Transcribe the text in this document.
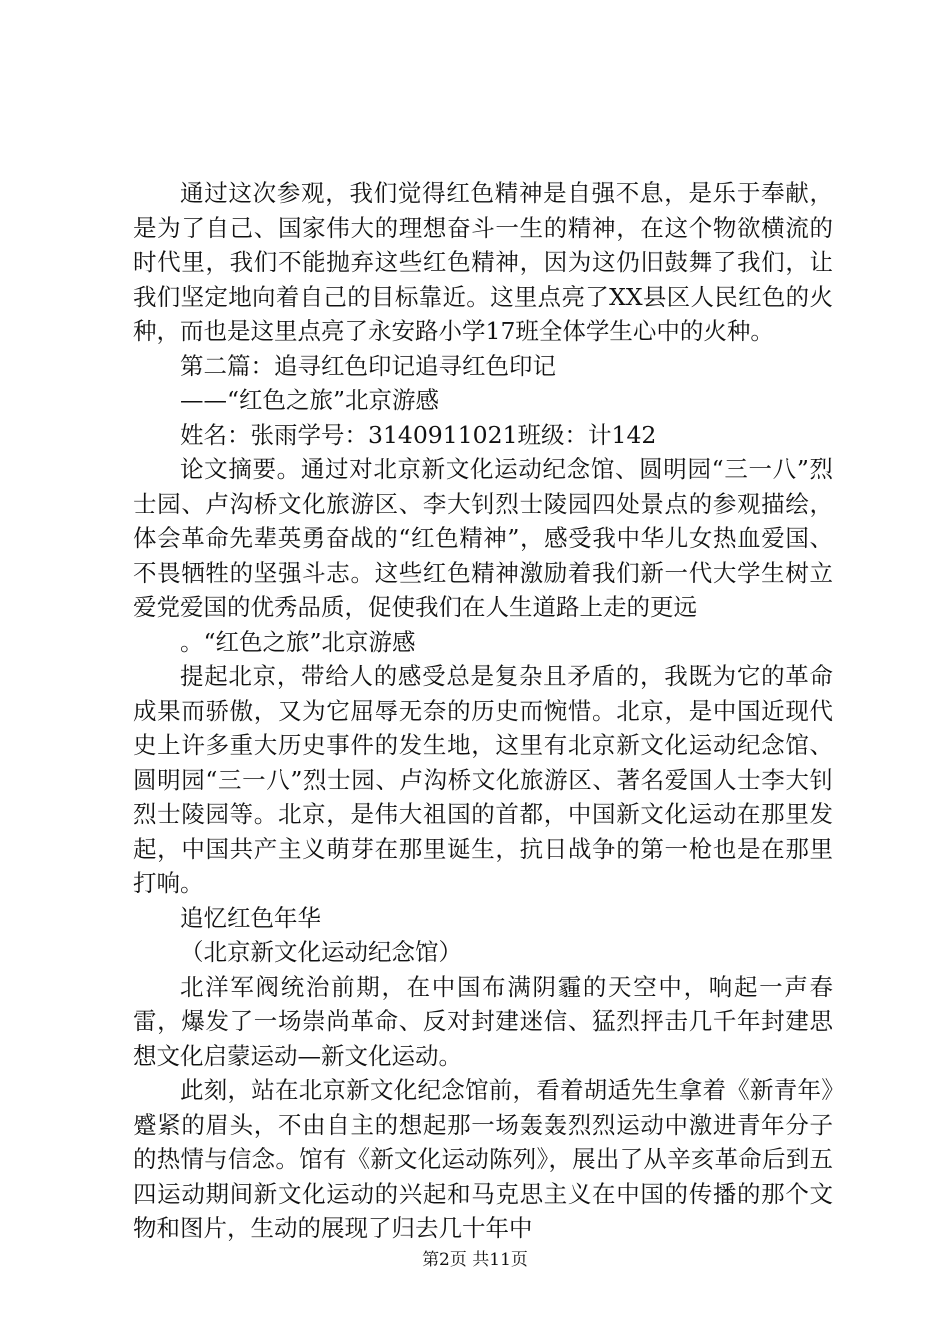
通过这次参观，我们觉得红色精神是自强不息，是乐于奉献，是为了自己、国家伟大的理想奋斗一生的精神，在这个物欲横流的时代里，我们不能抛弃这些红色精神，因为这仍旧鼓舞了我们，让我们坚定地向着自己的目标靠近。这里点亮了XX县区人民红色的火种，而也是这里点亮了永安路小学17班全体学生心中的火种。

第二篇：追寻红色印记追寻红色印记

——“红色之旅”北京游感

姓名：张雨学号：3140911021班级：计142

论文摘要。通过对北京新文化运动纪念馆、圆明园“三一八”烈士园、卢沟桥文化旅游区、李大钊烈士陵园四处景点的参观描绘，体会革命先辈英勇奋战的“红色精神”，感受我中华儿女热血爱国、不畏牺牲的坚强斗志。这些红色精神激励着我们新一代大学生树立爱党爱国的优秀品质，促使我们在人生道路上走的更远

。“红色之旅”北京游感

提起北京，带给人的感受总是复杂且矛盾的，我既为它的革命成果而骄傲，又为它屈辱无奈的历史而惋惜。北京，是中国近现代史上许多重大历史事件的发生地，这里有北京新文化运动纪念馆、圆明园“三一八”烈士园、卢沟桥文化旅游区、著名爱国人士李大钊烈士陵园等。北京，是伟大祖国的首都，中国新文化运动在那里发起，中国共产主义萌芽在那里诞生，抗日战争的第一枪也是在那里打响。

追忆红色年华

（北京新文化运动纪念馆）

北洋军阀统治前期，在中国布满阴霾的天空中，响起一声春雷，爆发了一场崇尚革命、反对封建迷信、猛烈抨击几千年封建思想文化启蒙运动—新文化运动。

此刻，站在北京新文化纪念馆前，看着胡适先生拿着《新青年》蹙紧的眉头，不由自主的想起那一场轰轰烈烈运动中激进青年分子的热情与信念。馆有《新文化运动陈列》，展出了从辛亥革命后到五四运动期间新文化运动的兴起和马克思主义在中国的传播的那个文物和图片，生动的展现了归去几十年中

第2页 共11页
